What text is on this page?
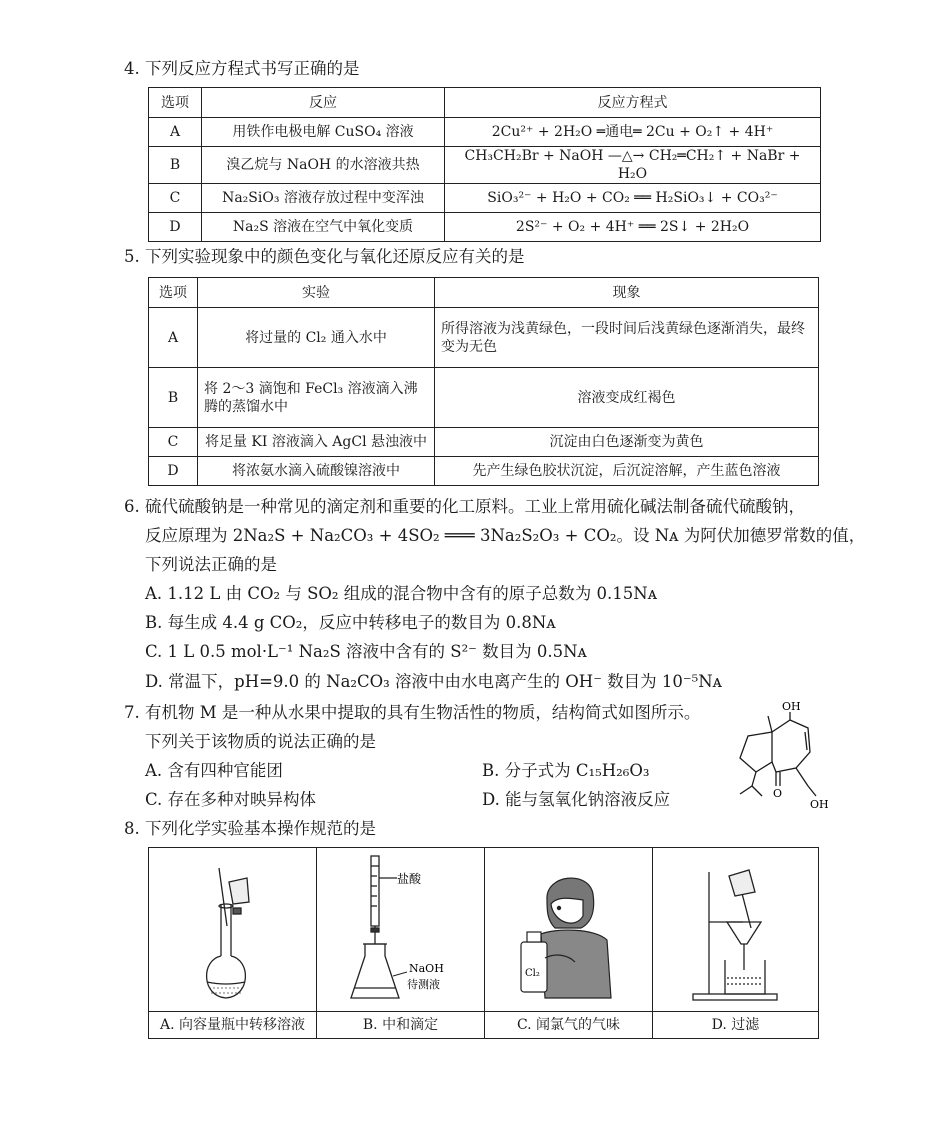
4. 下列反应方程式书写正确的是
选项	反应	反应方程式
A	用铁作电极电解 CuSO₄ 溶液	2Cu²⁺ + 2H₂O ═通电═ 2Cu + O₂↑ + 4H⁺
B	溴乙烷与 NaOH 的水溶液共热	CH₃CH₂Br + NaOH —△→ CH₂═CH₂↑ + NaBr + H₂O
C	Na₂SiO₃ 溶液存放过程中变浑浊	SiO₃²⁻ + H₂O + CO₂ ══ H₂SiO₃↓ + CO₃²⁻
D	Na₂S 溶液在空气中氧化变质	2S²⁻ + O₂ + 4H⁺ ══ 2S↓ + 2H₂O
5. 下列实验现象中的颜色变化与氧化还原反应有关的是
选项	实验	现象
A	将过量的 Cl₂ 通入水中	所得溶液为浅黄绿色，一段时间后浅黄绿色逐渐消失，最终变为无色
B	将 2～3 滴饱和 FeCl₃ 溶液滴入沸腾的蒸馏水中	溶液变成红褐色
C	将足量 KI 溶液滴入 AgCl 悬浊液中	沉淀由白色逐渐变为黄色
D	将浓氨水滴入硫酸镍溶液中	先产生绿色胶状沉淀，后沉淀溶解，产生蓝色溶液
6. 硫代硫酸钠是一种常见的滴定剂和重要的化工原料。工业上常用硫化碱法制备硫代硫酸钠，
反应原理为 2Na₂S + Na₂CO₃ + 4SO₂ ═══ 3Na₂S₂O₃ + CO₂。设 Nᴀ 为阿伏加德罗常数的值，
下列说法正确的是
A. 1.12 L 由 CO₂ 与 SO₂ 组成的混合物中含有的原子总数为 0.15Nᴀ
B. 每生成 4.4 g CO₂，反应中转移电子的数目为 0.8Nᴀ
C. 1 L 0.5 mol·L⁻¹ Na₂S 溶液中含有的 S²⁻ 数目为 0.5Nᴀ
D. 常温下，pH=9.0 的 Na₂CO₃ 溶液中由水电离产生的 OH⁻ 数目为 10⁻⁵Nᴀ
7. 有机物 M 是一种从水果中提取的具有生物活性的物质，结构简式如图所示。
下列关于该物质的说法正确的是
A. 含有四种官能团	B. 分子式为 C₁₅H₂₆O₃
C. 存在多种对映异构体	D. 能与氢氧化钠溶液反应
OH
O
OH
8. 下列化学实验基本操作规范的是
A. 向容量瓶中转移溶液
盐酸
NaOH
待测液
B. 中和滴定
Cl₂
C. 闻氯气的气味	D. 过滤
